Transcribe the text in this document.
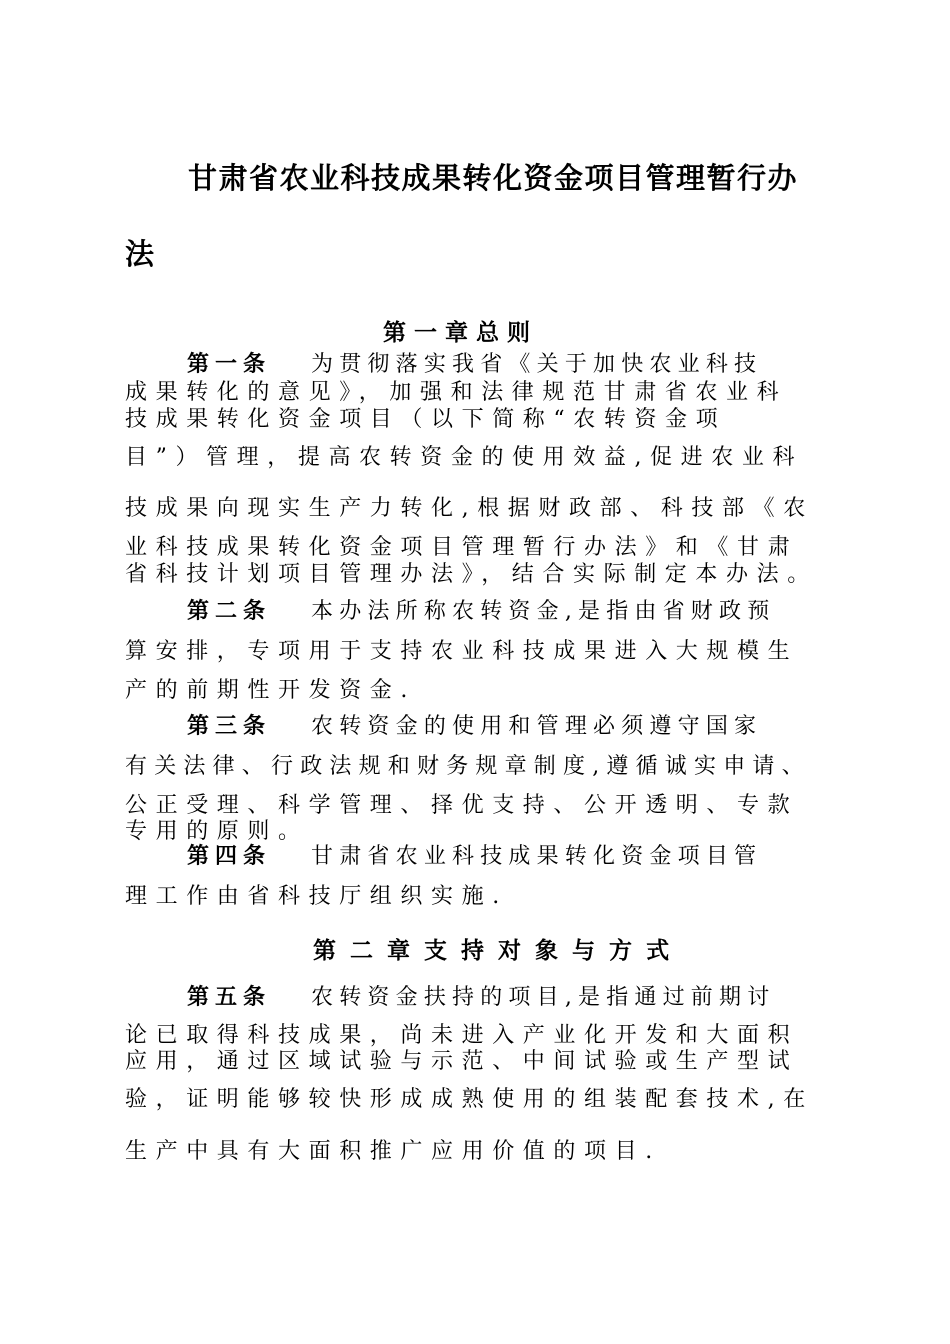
甘肃省农业科技成果转化资金项目管理暂行办
法
第 一 章 总 则
第一条 为贯彻落实我省《关于加快农业科技
成果转化的意见》，加强和法律规范甘肃省农业科
技成果转化资金项目（以下简称“农转资金项
目”）管理，提高农转资金的使用效益,促进农业科
技成果向现实生产力转化,根据财政部、科技部《农
业科技成果转化资金项目管理暂行办法》和《甘肃
省科技计划项目管理办法》，结合实际制定本办法。
第二条 本办法所称农转资金,是指由省财政预
算安排，专项用于支持农业科技成果进入大规模生
产的前期性开发资金.
第三条 农转资金的使用和管理必须遵守国家
有关法律、行政法规和财务规章制度,遵循诚实申请、
公正受理、科学管理、择优支持、公开透明、专款
专用的原则。
第四条 甘肃省农业科技成果转化资金项目管
理工作由省科技厅组织实施.
第 二 章 支 持 对 象 与 方 式
第五条 农转资金扶持的项目,是指通过前期讨
论已取得科技成果，尚未进入产业化开发和大面积
应用，通过区域试验与示范、中间试验或生产型试
验，证明能够较快形成成熟使用的组装配套技术,在
生产中具有大面积推广应用价值的项目.
